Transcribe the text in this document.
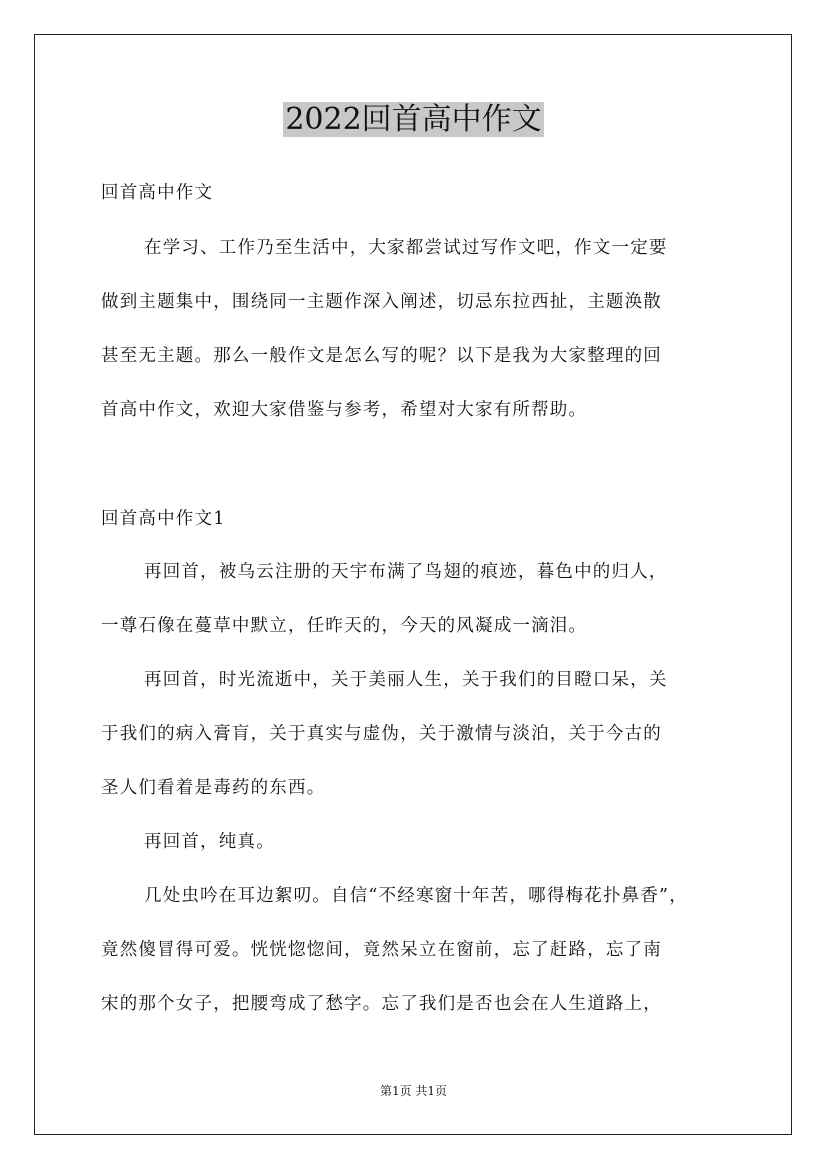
2022回首高中作文
回首高中作文
在学习、工作乃至生活中，大家都尝试过写作文吧，作文一定要
做到主题集中，围绕同一主题作深入阐述，切忌东拉西扯，主题涣散
甚至无主题。那么一般作文是怎么写的呢？以下是我为大家整理的回
首高中作文，欢迎大家借鉴与参考，希望对大家有所帮助。
回首高中作文1
再回首，被乌云注册的天宇布满了鸟翅的痕迹，暮色中的归人，
一尊石像在蔓草中默立，任昨天的，今天的风凝成一滴泪。
再回首，时光流逝中，关于美丽人生，关于我们的目瞪口呆，关
于我们的病入膏肓，关于真实与虚伪，关于激情与淡泊，关于今古的
圣人们看着是毒药的东西。
再回首，纯真。
几处虫吟在耳边絮叨。自信“不经寒窗十年苦，哪得梅花扑鼻香”，
竟然傻冒得可爱。恍恍惚惚间，竟然呆立在窗前，忘了赶路，忘了南
宋的那个女子，把腰弯成了愁字。忘了我们是否也会在人生道路上，
第1页 共1页
